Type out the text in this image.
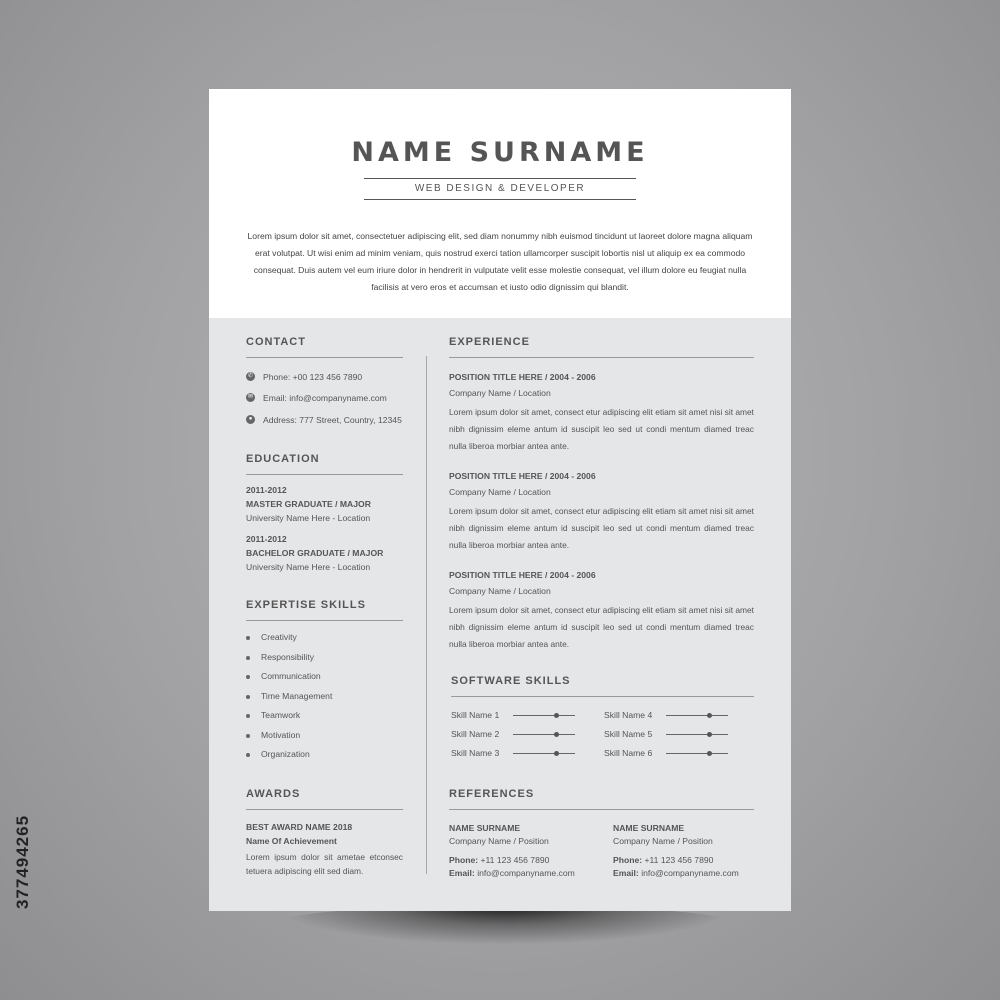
377494265
NAME SURNAME
WEB DESIGN & DEVELOPER
Lorem ipsum dolor sit amet, consectetuer adipiscing elit, sed diam nonummy nibh euismod tincidunt ut laoreet dolore magna aliquam erat volutpat. Ut wisi enim ad minim veniam, quis nostrud exerci tation ullamcorper suscipit lobortis nisl ut aliquip ex ea commodo consequat. Duis autem vel eum iriure dolor in hendrerit in vulputate velit esse molestie consequat, vel illum dolore eu feugiat nulla facilisis at vero eros et accumsan et iusto odio dignissim qui blandit.
CONTACT
✆ Phone: +00 123 456 7890
✉ Email: info@companyname.com
●	Address: 777 Street, Country, 12345
EDUCATION
2011-2012
MASTER GRADUATE / MAJOR
University Name Here - Location
2011-2012
BACHELOR GRADUATE / MAJOR
University Name Here - Location
EXPERTISE SKILLS
Creativity
Responsibility
Communication
Time Management
Teamwork
Motivation
Organization
AWARDS
BEST AWARD NAME 2018
Name Of Achievement
Lorem ipsum dolor sit ametae etconsec tetuera adipiscing elit sed diam.
EXPERIENCE
POSITION TITLE HERE / 2004 - 2006
Company Name / Location
Lorem ipsum dolor sit amet, consect etur adipiscing elit etiam sit amet nisi sit amet nibh dignissim eleme antum id suscipit leo sed ut condi mentum diamed treac nulla liberoa morbiar antea ante.
POSITION TITLE HERE / 2004 - 2006
Company Name / Location
Lorem ipsum dolor sit amet, consect etur adipiscing elit etiam sit amet nisi sit amet nibh dignissim eleme antum id suscipit leo sed ut condi mentum diamed treac nulla liberoa morbiar antea ante.
POSITION TITLE HERE / 2004 - 2006
Company Name / Location
Lorem ipsum dolor sit amet, consect etur adipiscing elit etiam sit amet nisi sit amet nibh dignissim eleme antum id suscipit leo sed ut condi mentum diamed treac nulla liberoa morbiar antea ante.
SOFTWARE SKILLS
Skill Name 1
Skill Name 2
Skill Name 3
Skill Name 4
Skill Name 5
Skill Name 6
REFERENCES
NAME SURNAME
Company Name / Position
Phone: +11 123 456 7890
Email: info@companyname.com
NAME SURNAME
Company Name / Position
Phone: +11 123 456 7890
Email: info@companyname.com
